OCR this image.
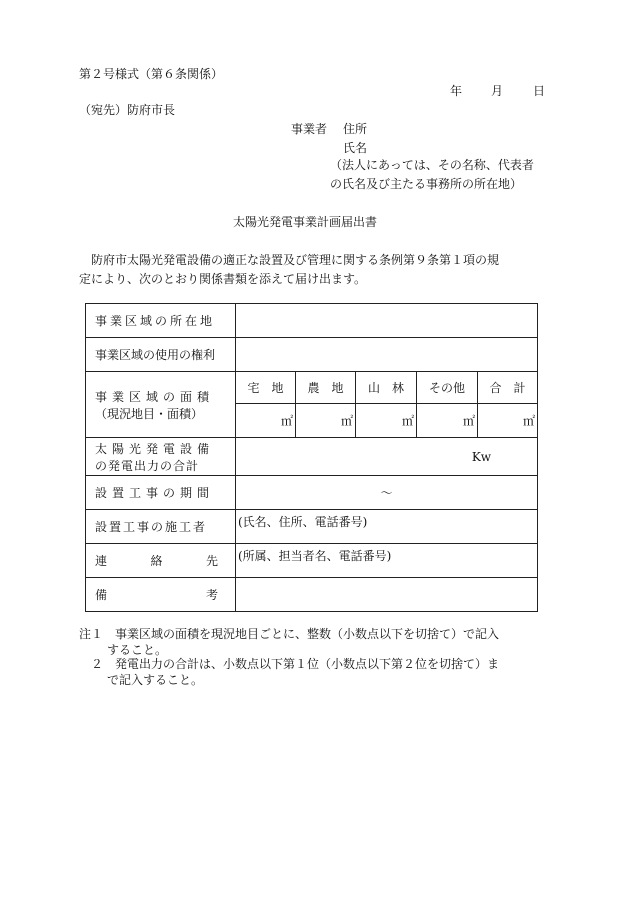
第２号様式（第６条関係）
年 月 日
（宛先）防府市長
事業者 住所
氏名
（法人にあっては、その名称、代表者
の氏名及び主たる事務所の所在地）
太陽光発電事業計画届出書
　防府市太陽光発電設備の適正な設置及び管理に関する条例第９条第１項の規
定により、次のとおり関係書類を添えて届け出ます。
事業区域の所在地					
事業区域の使用の権利					

事業区域の面積
（現況地目・面積）	宅　地	農　地	山　林	その他	合　計
	㎡	㎡	㎡	㎡	㎡

太陽光発電設備
の発電出力の合計	Kw				
設置工事の期間	～				
設置工事の施工者	(氏名、住所、電話番号)				

連 絡 先	(所属、担当者名、電話番号)				

備 考					

注１　事業区域の面積を現況地目ごとに、整数（小数点以下を切捨て）で記入
すること。
　２　発電出力の合計は、小数点以下第１位（小数点以下第２位を切捨て）ま
で記入すること。
